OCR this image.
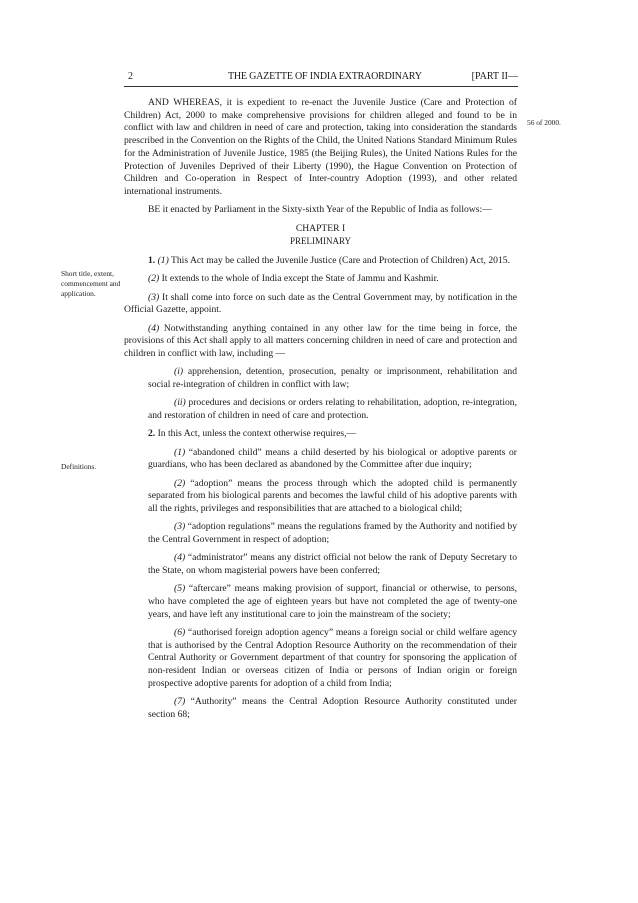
2	THE GAZETTE OF INDIA EXTRAORDINARY	[PART II—
56 of 2000.
Short title, extent, commencement and application.
Definitions.

AND WHEREAS, it is expedient to re-enact the Juvenile Justice (Care and Protection of Children) Act, 2000 to make comprehensive provisions for children alleged and found to be in conflict with law and children in need of care and protection, taking into consideration the standards prescribed in the Convention on the Rights of the Child, the United Nations Standard Minimum Rules for the Administration of Juvenile Justice, 1985 (the Beijing Rules), the United Nations Rules for the Protection of Juveniles Deprived of their Liberty (1990), the Hague Convention on Protection of Children and Co-operation in Respect of Inter-country Adoption (1993), and other related international instruments.

BE it enacted by Parliament in the Sixty-sixth Year of the Republic of India as follows:—

CHAPTER I
PRELIMINARY

1. (1) This Act may be called the Juvenile Justice (Care and Protection of Children) Act, 2015.

(2) It extends to the whole of India except the State of Jammu and Kashmir.

(3) It shall come into force on such date as the Central Government may, by notification in the Official Gazette, appoint.

(4) Notwithstanding anything contained in any other law for the time being in force, the provisions of this Act shall apply to all matters concerning children in need of care and protection and children in conflict with law, including —

(i) apprehension, detention, prosecution, penalty or imprisonment, rehabilitation and social re-integration of children in conflict with law;

(ii) procedures and decisions or orders relating to rehabilitation, adoption, re-integration, and restoration of children in need of care and protection.

2. In this Act, unless the context otherwise requires,—

(1) “abandoned child” means a child deserted by his biological or adoptive parents or guardians, who has been declared as abandoned by the Committee after due inquiry;

(2) “adoption” means the process through which the adopted child is permanently separated from his biological parents and becomes the lawful child of his adoptive parents with all the rights, privileges and responsibilities that are attached to a biological child;

(3) “adoption regulations” means the regulations framed by the Authority and notified by the Central Government in respect of adoption;

(4) “administrator” means any district official not below the rank of Deputy Secretary to the State, on whom magisterial powers have been conferred;

(5) “aftercare” means making provision of support, financial or otherwise, to persons, who have completed the age of eighteen years but have not completed the age of twenty-one years, and have left any institutional care to join the mainstream of the society;

(6) “authorised foreign adoption agency” means a foreign social or child welfare agency that is authorised by the Central Adoption Resource Authority on the recommendation of their Central Authority or Government department of that country for sponsoring the application of non-resident Indian or overseas citizen of India or persons of Indian origin or foreign prospective adoptive parents for adoption of a child from India;

(7) “Authority” means the Central Adoption Resource Authority constituted under section 68;
